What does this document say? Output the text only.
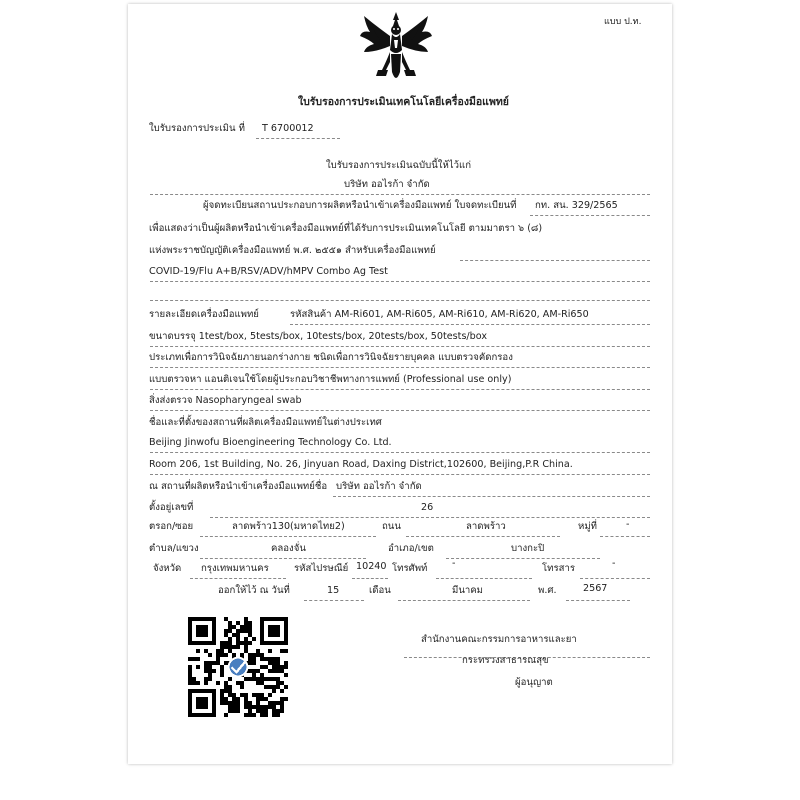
แบบ ป.ท.
ใบรับรองการประเมินเทคโนโลยีเครื่องมือแพทย์
ใบรับรองการประเมิน ที่ T 6700012
ใบรับรองการประเมินฉบับนี้ให้ไว้แก่
บริษัท ออไรก้า จำกัด
ผู้จดทะเบียนสถานประกอบการผลิตหรือนำเข้าเครื่องมือแพทย์ ใบจดทะเบียนที่ กท. สน. 329/2565
เพื่อแสดงว่าเป็นผู้ผลิตหรือนำเข้าเครื่องมือแพทย์ที่ได้รับการประเมินเทคโนโลยี ตามมาตรา ๖ (๘)
แห่งพระราชบัญญัติเครื่องมือแพทย์ พ.ศ. ๒๕๕๑ สำหรับเครื่องมือแพทย์
COVID-19/Flu A+B/RSV/ADV/hMPV Combo Ag Test
รายละเอียดเครื่องมือแพทย์	รหัสสินค้า AM-Ri601, AM-Ri605, AM-Ri610, AM-Ri620, AM-Ri650
ขนาดบรรจุ 1test/box, 5tests/box, 10tests/box, 20tests/box, 50tests/box
ประเภทเพื่อการวินิจฉัยภายนอกร่างกาย ชนิดเพื่อการวินิจฉัยรายบุคคล แบบตรวจคัดกรอง
แบบตรวจหา แอนติเจนใช้โดยผู้ประกอบวิชาชีพทางการแพทย์ (Professional use only)
สิ่งส่งตรวจ Nasopharyngeal swab
ชื่อและที่ตั้งของสถานที่ผลิตเครื่องมือแพทย์ในต่างประเทศ
Beijing Jinwofu Bioengineering Technology Co. Ltd.
Room 206, 1st Building, No. 26, Jinyuan Road, Daxing District,102600, Beijing,P.R China.
ณ สถานที่ผลิตหรือนำเข้าเครื่องมือแพทย์ชื่อ บริษัท ออไรก้า จำกัด
ตั้งอยู่เลขที่	26
ตรอก/ซอย	ลาดพร้าว130(มหาดไทย2)	ถนน	ลาดพร้าว	หมู่ที่	-
ตำบล/แขวง	คลองจั่น	อำเภอ/เขต	บางกะปิ
จังหวัด กรุงเทพมหานคร	รหัสไปรษณีย์ 10240 โทรศัพท์	-	โทรสาร	-
ออกให้ไว้ ณ วันที่	15	เดือน	มีนาคม	พ.ศ.	2567
สำนักงานคณะกรรมการอาหารและยา
กระทรวงสาธารณสุข
ผู้อนุญาต
